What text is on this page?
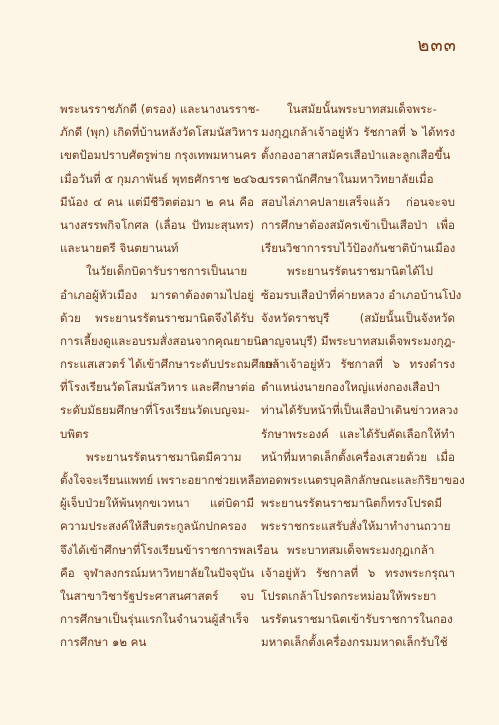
๒๓๓
พระนรราชภักดี (ตรอง) และนางนรราช-
ภักดี (พุก) เกิดที่บ้านหลังวัดโสมนัสวิหาร
เขตป้อมปราบศัตรูพ่าย กรุงเทพมหานคร
เมื่อวันที่ ๕ กุมภาพันธ์ พุทธศักราช ๒๔๖๐
มีน้อง ๔ คน แต่มีชีวิตต่อมา ๒ คน คือ
นางสรรพกิจโกศล (เลื่อน ปัทมะสุนทร)
และนายตรี จินตยานนท์
ในวัยเด็กบิดารับราชการเป็นนาย
อำเภอผู้หัวเมือง มารดาต้องตามไปอยู่
ด้วย พระยานรรัตนราชมานิตจึงได้รับ
การเลี้ยงดูและอบรมสั่งสอนจากคุณยายนิล
กระแสเสวตร์ ได้เข้าศึกษาระดับประถมศึกษา
ที่โรงเรียนวัดโสมนัสวิหาร และศึกษาต่อ
ระดับมัธยมศึกษาที่โรงเรียนวัดเบญจม-
บพิตร
พระยานรรัตนราชมานิตมีความ
ตั้งใจจะเรียนแพทย์ เพราะอยากช่วยเหลือ
ผู้เจ็บป่วยให้พ้นทุกขเวทนา แต่บิดามี
ความประสงค์ให้สืบตระกูลนักปกครอง
จึงได้เข้าศึกษาที่โรงเรียนข้าราชการพลเรือน
คือ จุฬาลงกรณ์มหาวิทยาลัยในปัจจุบัน
ในสาขาวิชารัฐประศาสนศาสตร์ จบ
การศึกษาเป็นรุ่นแรกในจำนวนผู้สำเร็จ
การศึกษา ๑๒ คน
ในสมัยนั้นพระบาทสมเด็จพระ-
มงกุฎเกล้าเจ้าอยู่หัว รัชกาลที่ ๖ ได้ทรง
ตั้งกองอาสาสมัครเสือป่าและลูกเสือขึ้น
บรรดานักศึกษาในมหาวิทยาลัยเมื่อ
สอบไล่ภาคปลายเสร็จแล้ว ก่อนจะจบ
การศึกษาต้องสมัครเข้าเป็นเสือป่า เพื่อ
เรียนวิชาการรบไว้ป้องกันชาติบ้านเมือง
พระยานรรัตนราชมานิตได้ไป
ซ้อมรบเสือป่าที่ค่ายหลวง อำเภอบ้านโป่ง
จังหวัดราชบุรี (สมัยนั้นเป็นจังหวัด
กาญจนบุรี) มีพระบาทสมเด็จพระมงกุฎ-
เกล้าเจ้าอยู่หัว รัชกาลที่ ๖ ทรงดำรง
ตำแหน่งนายกองใหญ่แห่งกองเสือป่า
ท่านได้รับหน้าที่เป็นเสือป่าเดินข่าวหลวง
รักษาพระองค์ และได้รับคัดเลือกให้ทำ
หน้าที่มหาดเล็กตั้งเครื่องเสวยด้วย เมื่อ
ทอดพระเนตรบุคลิกลักษณะและกิริยาของ
พระยานรรัตนราชมานิตก็ทรงโปรดมี
พระราชกระแสรับสั่งให้มาทำงานถวาย
พระบาทสมเด็จพระมงกุฎเกล้า
เจ้าอยู่หัว รัชกาลที่ ๖ ทรงพระกรุณา
โปรดเกล้าโปรดกระหม่อมให้พระยา
นรรัตนราชมานิตเข้ารับราชการในกอง
มหาดเล็กตั้งเครื่องกรมมหาดเล็กรับใช้
